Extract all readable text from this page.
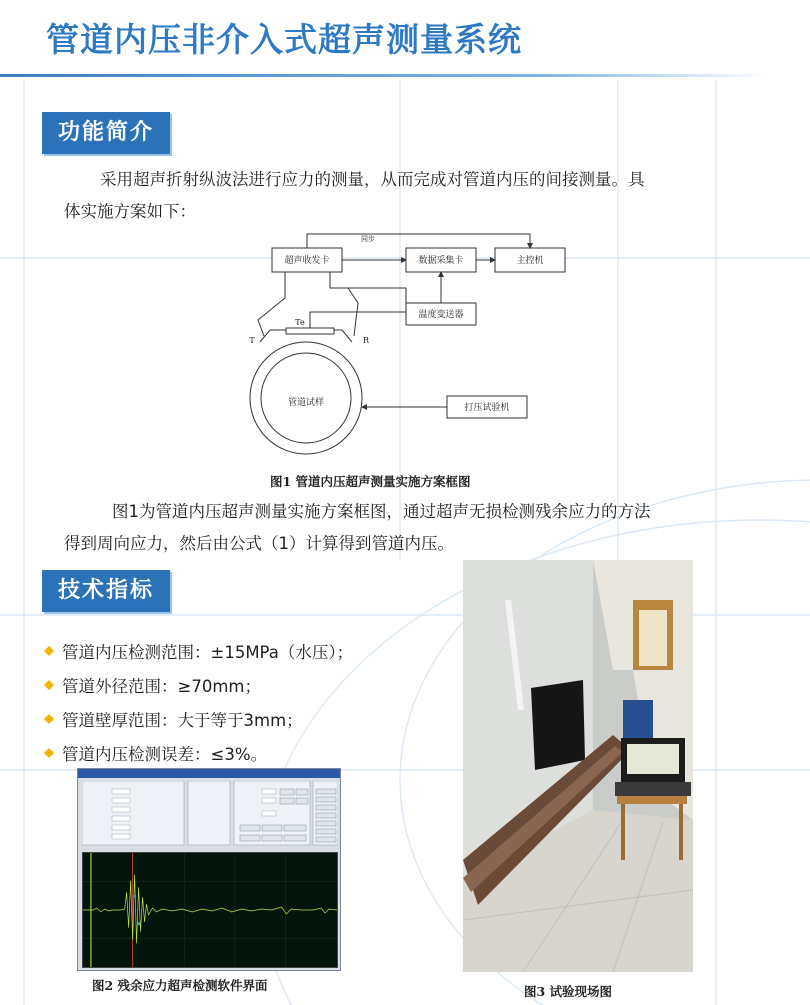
管道内压非介入式超声测量系统
功能简介
采用超声折射纵波法进行应力的测量，从而完成对管道内压的间接测量。具
体实施方案如下：
超声收发卡	数据采集卡	主控机
温度变送器
打压试验机
管道试样
同步
T	R
Te
图1 管道内压超声测量实施方案框图
图1为管道内压超声测量实施方案框图，通过超声无损检测残余应力的方法
得到周向应力，然后由公式（1）计算得到管道内压。
技术指标
管道内压检测范围：±15MPa（水压）；
管道外径范围：≥70mm；
管道壁厚范围：大于等于3mm；
管道内压检测误差：≤3%。
图2 残余应力超声检测软件界面	图3 试验现场图
